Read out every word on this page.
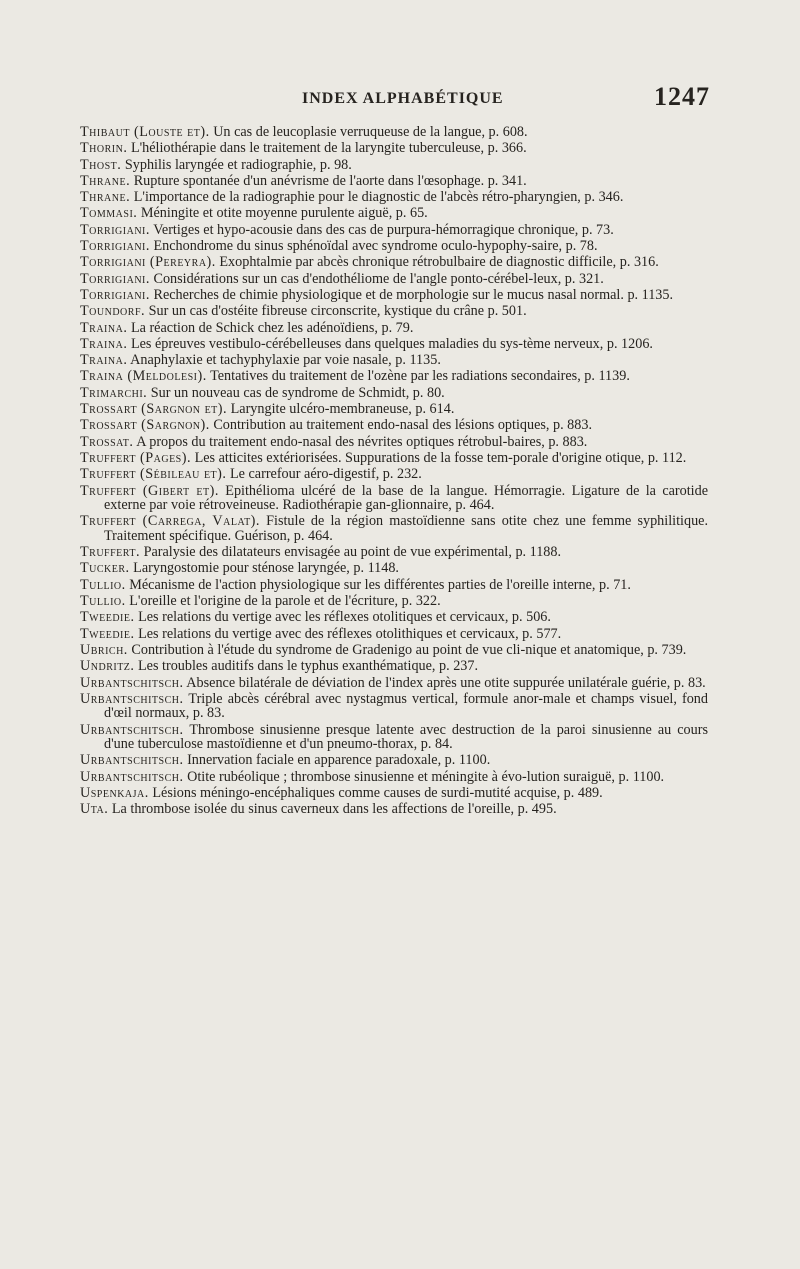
INDEX ALPHABÉTIQUE	1247

Thibaut (Louste et). Un cas de leucoplasie verruqueuse de la langue, p. 608.

Thorin. L'héliothérapie dans le traitement de la laryngite tuberculeuse, p. 366.

Thost. Syphilis laryngée et radiographie, p. 98.

Thrane. Rupture spontanée d'un anévrisme de l'aorte dans l'œsophage. p. 341.

Thrane. L'importance de la radiographie pour le diagnostic de l'abcès rétro-pharyngien, p. 346.

Tommasi. Méningite et otite moyenne purulente aiguë, p. 65.

Torrigiani. Vertiges et hypo-acousie dans des cas de purpura-hémorragique chronique, p. 73.

Torrigiani. Enchondrome du sinus sphénoïdal avec syndrome oculo-hypophy-saire, p. 78.

Torrigiani (Pereyra). Exophtalmie par abcès chronique rétrobulbaire de diagnostic difficile, p. 316.

Torrigiani. Considérations sur un cas d'endothéliome de l'angle ponto-cérébel-leux, p. 321.

Torrigiani. Recherches de chimie physiologique et de morphologie sur le mucus nasal normal. p. 1135.

Toundorf. Sur un cas d'ostéite fibreuse circonscrite, kystique du crâne p. 501.

Traina. La réaction de Schick chez les adénoïdiens, p. 79.

Traina. Les épreuves vestibulo-cérébelleuses dans quelques maladies du sys-tème nerveux, p. 1206.

Traina. Anaphylaxie et tachyphylaxie par voie nasale, p. 1135.

Traina (Meldolesi). Tentatives du traitement de l'ozène par les radiations secondaires, p. 1139.

Trimarchi. Sur un nouveau cas de syndrome de Schmidt, p. 80.

Trossart (Sargnon et). Laryngite ulcéro-membraneuse, p. 614.

Trossart (Sargnon). Contribution au traitement endo-nasal des lésions optiques, p. 883.

Trossat. A propos du traitement endo-nasal des névrites optiques rétrobul-baires, p. 883.

Truffert (Pages). Les atticites extériorisées. Suppurations de la fosse tem-porale d'origine otique, p. 112.

Truffert (Sébileau et). Le carrefour aéro-digestif, p. 232.

Truffert (Gibert et). Epithélioma ulcéré de la base de la langue. Hémorragie. Ligature de la carotide externe par voie rétroveineuse. Radiothérapie gan-glionnaire, p. 464.

Truffert (Carrega, Valat). Fistule de la région mastoïdienne sans otite chez une femme syphilitique. Traitement spécifique. Guérison, p. 464.

Truffert. Paralysie des dilatateurs envisagée au point de vue expérimental, p. 1188.

Tucker. Laryngostomie pour sténose laryngée, p. 1148.

Tullio. Mécanisme de l'action physiologique sur les différentes parties de l'oreille interne, p. 71.

Tullio. L'oreille et l'origine de la parole et de l'écriture, p. 322.

Tweedie. Les relations du vertige avec les réflexes otolitiques et cervicaux, p. 506.

Tweedie. Les relations du vertige avec des réflexes otolithiques et cervicaux, p. 577.

Ubrich. Contribution à l'étude du syndrome de Gradenigo au point de vue cli-nique et anatomique, p. 739.

Undritz. Les troubles auditifs dans le typhus exanthématique, p. 237.

Urbantschitsch. Absence bilatérale de déviation de l'index après une otite suppurée unilatérale guérie, p. 83.

Urbantschitsch. Triple abcès cérébral avec nystagmus vertical, formule anor-male et champs visuel, fond d'œil normaux, p. 83.

Urbantschitsch. Thrombose sinusienne presque latente avec destruction de la paroi sinusienne au cours d'une tuberculose mastoïdienne et d'un pneumo-thorax, p. 84.

Urbantschitsch. Innervation faciale en apparence paradoxale, p. 1100.

Urbantschitsch. Otite rubéolique ; thrombose sinusienne et méningite à évo-lution suraiguë, p. 1100.

Uspenkaja. Lésions méningo-encéphaliques comme causes de surdi-mutité acquise, p. 489.

Uta. La thrombose isolée du sinus caverneux dans les affections de l'oreille, p. 495.
